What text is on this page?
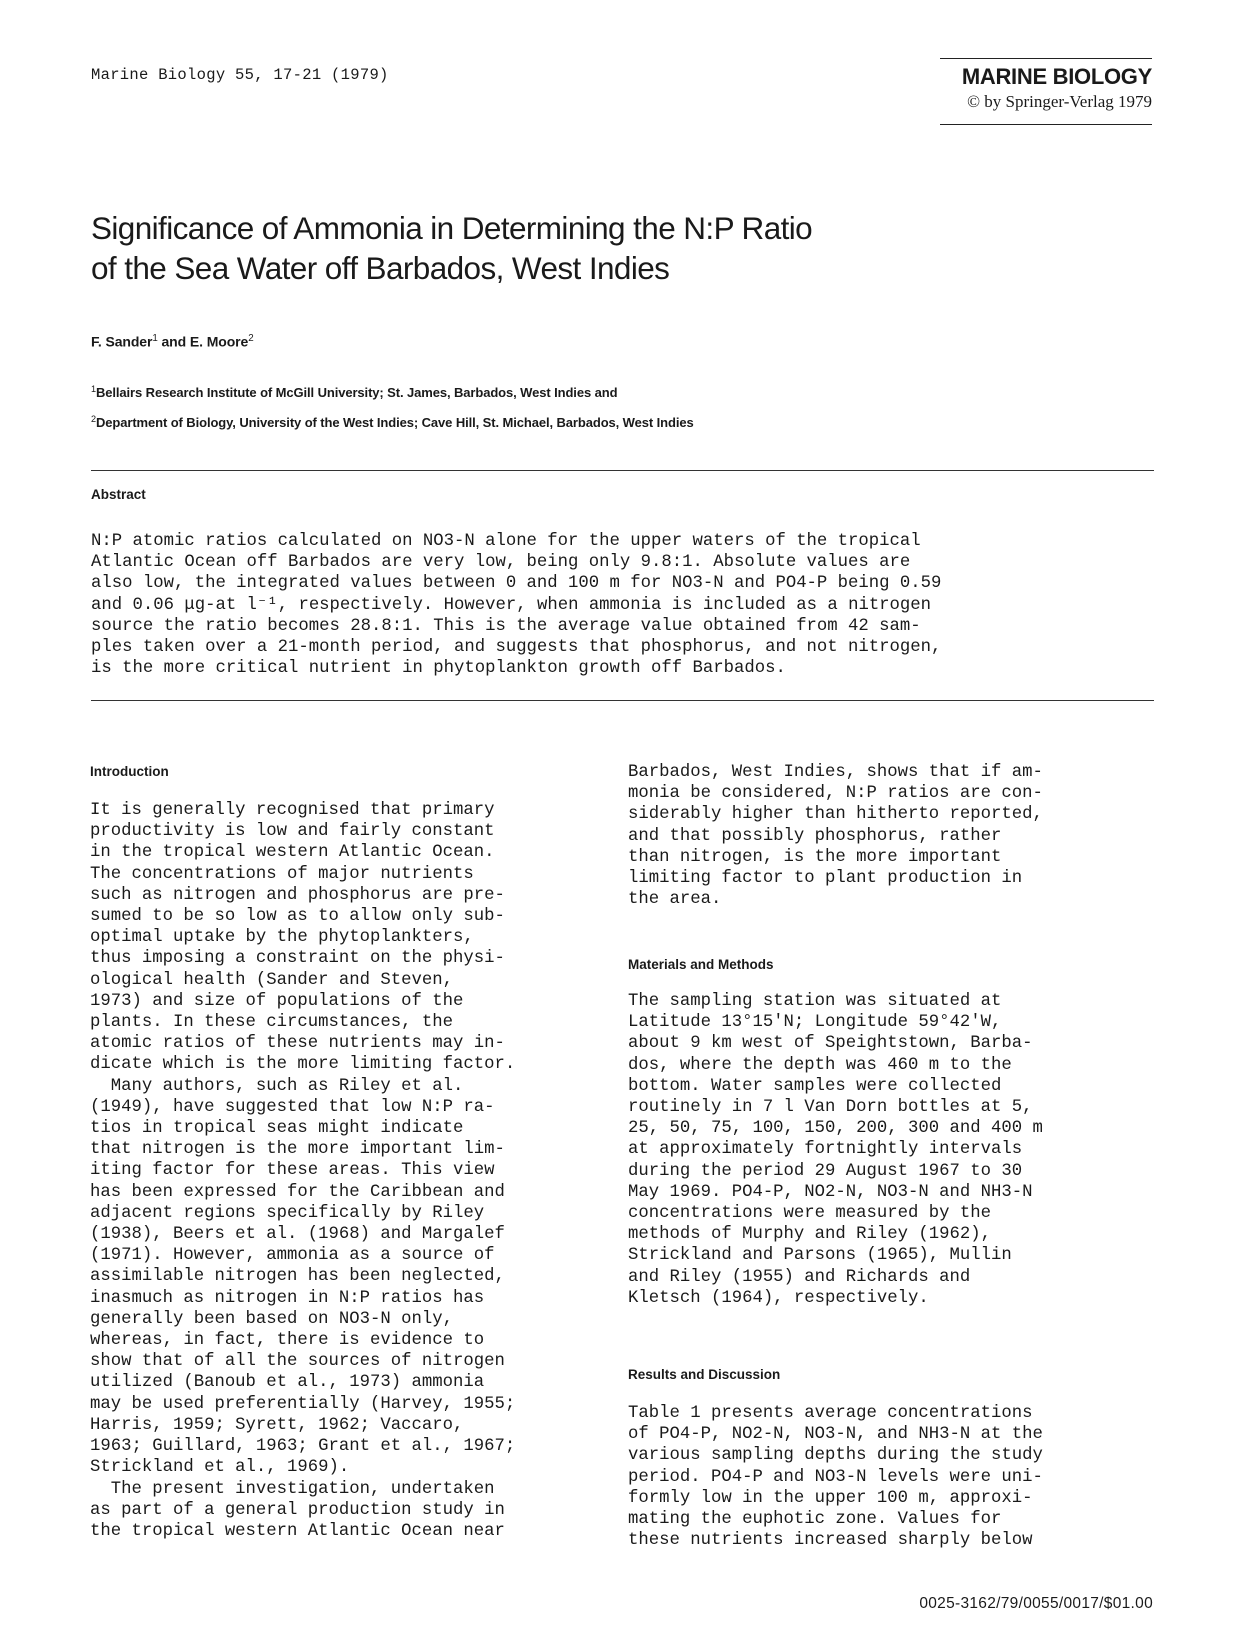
Marine Biology 55, 17-21 (1979)	MARINE BIOLOGY
© by Springer-Verlag 1979
Significance of Ammonia in Determining the N:P Ratio
of the Sea Water off Barbados, West Indies
F. Sander$^1$ and E. Moore$^2$
$^1$Bellairs Research Institute of McGill University; St. James, Barbados, West Indies and
$^2$Department of Biology, University of the West Indies; Cave Hill, St. Michael, Barbados, West Indies
Abstract
N:P atomic ratios calculated on NO3-N alone for the upper waters of the tropical
Atlantic Ocean off Barbados are very low, being only 9.8:1. Absolute values are
also low, the integrated values between 0 and 100 m for NO3-N and PO4-P being 0.59
and 0.06 μg-at l⁻¹, respectively. However, when ammonia is included as a nitrogen
source the ratio becomes 28.8:1. This is the average value obtained from 42 sam-
ples taken over a 21-month period, and suggests that phosphorus, and not nitrogen,
is the more critical nutrient in phytoplankton growth off Barbados.
Introduction
It is generally recognised that primary
productivity is low and fairly constant
in the tropical western Atlantic Ocean.
The concentrations of major nutrients
such as nitrogen and phosphorus are pre-
sumed to be so low as to allow only sub-
optimal uptake by the phytoplankters,
thus imposing a constraint on the physi-
ological health (Sander and Steven,
1973) and size of populations of the
plants. In these circumstances, the
atomic ratios of these nutrients may in-
dicate which is the more limiting factor.
Many authors, such as Riley et al.
(1949), have suggested that low N:P ra-
tios in tropical seas might indicate
that nitrogen is the more important lim-
iting factor for these areas. This view
has been expressed for the Caribbean and
adjacent regions specifically by Riley
(1938), Beers et al. (1968) and Margalef
(1971). However, ammonia as a source of
assimilable nitrogen has been neglected,
inasmuch as nitrogen in N:P ratios has
generally been based on NO3-N only,
whereas, in fact, there is evidence to
show that of all the sources of nitrogen
utilized (Banoub et al., 1973) ammonia
may be used preferentially (Harvey, 1955;
Harris, 1959; Syrett, 1962; Vaccaro,
1963; Guillard, 1963; Grant et al., 1967;
Strickland et al., 1969).
The present investigation, undertaken
as part of a general production study in
the tropical western Atlantic Ocean near
Barbados, West Indies, shows that if am-
monia be considered, N:P ratios are con-
siderably higher than hitherto reported,
and that possibly phosphorus, rather
than nitrogen, is the more important
limiting factor to plant production in
the area.
Materials and Methods
The sampling station was situated at
Latitude 13°15'N; Longitude 59°42'W,
about 9 km west of Speightstown, Barba-
dos, where the depth was 460 m to the
bottom. Water samples were collected
routinely in 7 l Van Dorn bottles at 5,
25, 50, 75, 100, 150, 200, 300 and 400 m
at approximately fortnightly intervals
during the period 29 August 1967 to 30
May 1969. PO4-P, NO2-N, NO3-N and NH3-N
concentrations were measured by the
methods of Murphy and Riley (1962),
Strickland and Parsons (1965), Mullin
and Riley (1955) and Richards and
Kletsch (1964), respectively.
Results and Discussion
Table 1 presents average concentrations
of PO4-P, NO2-N, NO3-N, and NH3-N at the
various sampling depths during the study
period. PO4-P and NO3-N levels were uni-
formly low in the upper 100 m, approxi-
mating the euphotic zone. Values for
these nutrients increased sharply below
0025-3162/79/0055/0017/$01.00
